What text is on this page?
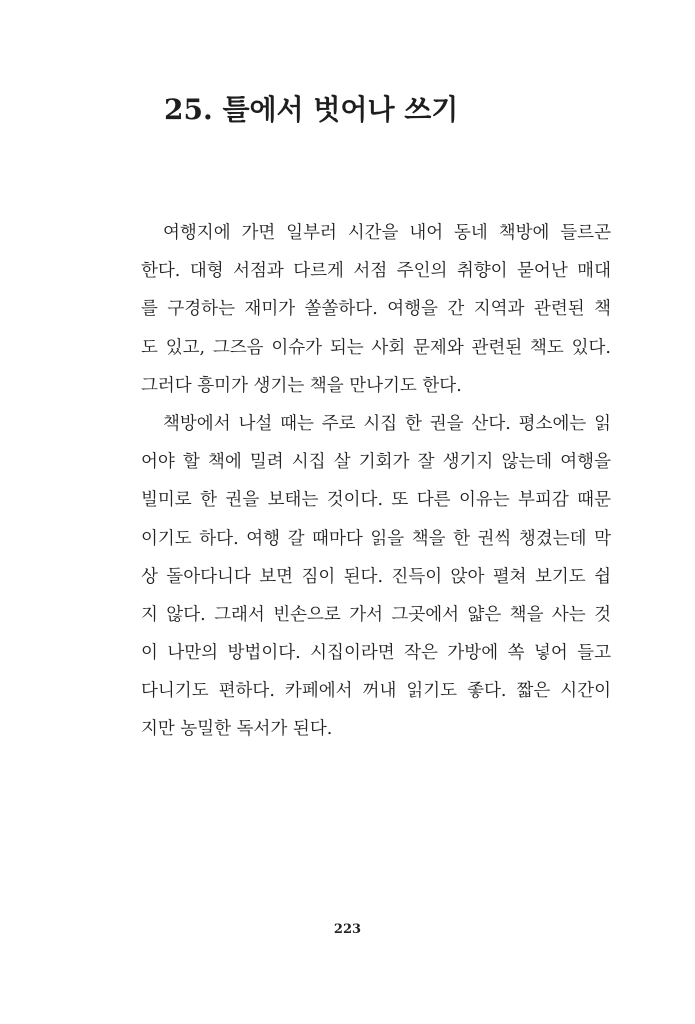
25. 틀에서 벗어나 쓰기

여행지에 가면 일부러 시간을 내어 동네 책방에 들르곤
한다. 대형 서점과 다르게 서점 주인의 취향이 묻어난 매대
를 구경하는 재미가 쏠쏠하다. 여행을 간 지역과 관련된 책
도 있고, 그즈음 이슈가 되는 사회 문제와 관련된 책도 있다.
그러다 흥미가 생기는 책을 만나기도 한다.

책방에서 나설 때는 주로 시집 한 권을 산다. 평소에는 읽
어야 할 책에 밀려 시집 살 기회가 잘 생기지 않는데 여행을
빌미로 한 권을 보태는 것이다. 또 다른 이유는 부피감 때문
이기도 하다. 여행 갈 때마다 읽을 책을 한 권씩 챙겼는데 막
상 돌아다니다 보면 짐이 된다. 진득이 앉아 펼쳐 보기도 쉽
지 않다. 그래서 빈손으로 가서 그곳에서 얇은 책을 사는 것
이 나만의 방법이다. 시집이라면 작은 가방에 쏙 넣어 들고
다니기도 편하다. 카페에서 꺼내 읽기도 좋다. 짧은 시간이
지만 농밀한 독서가 된다.

223
